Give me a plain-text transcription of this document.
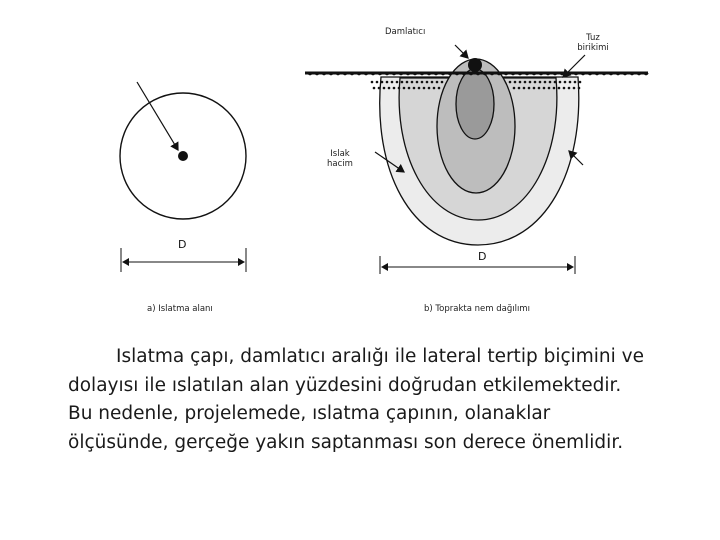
Damlatıcı
Tuz
birikimi
Islak
hacim
D
D
a) Islatma alanı	b) Toprakta nem dağılımı

Islatma çapı, damlatıcı aralığı ile lateral tertip biçimini ve

dolayısı ile ıslatılan alan yüzdesini doğrudan etkilemektedir.

Bu nedenle, projelemede, ıslatma çapının, olanaklar

ölçüsünde, gerçeğe yakın saptanması son derece önemlidir.
